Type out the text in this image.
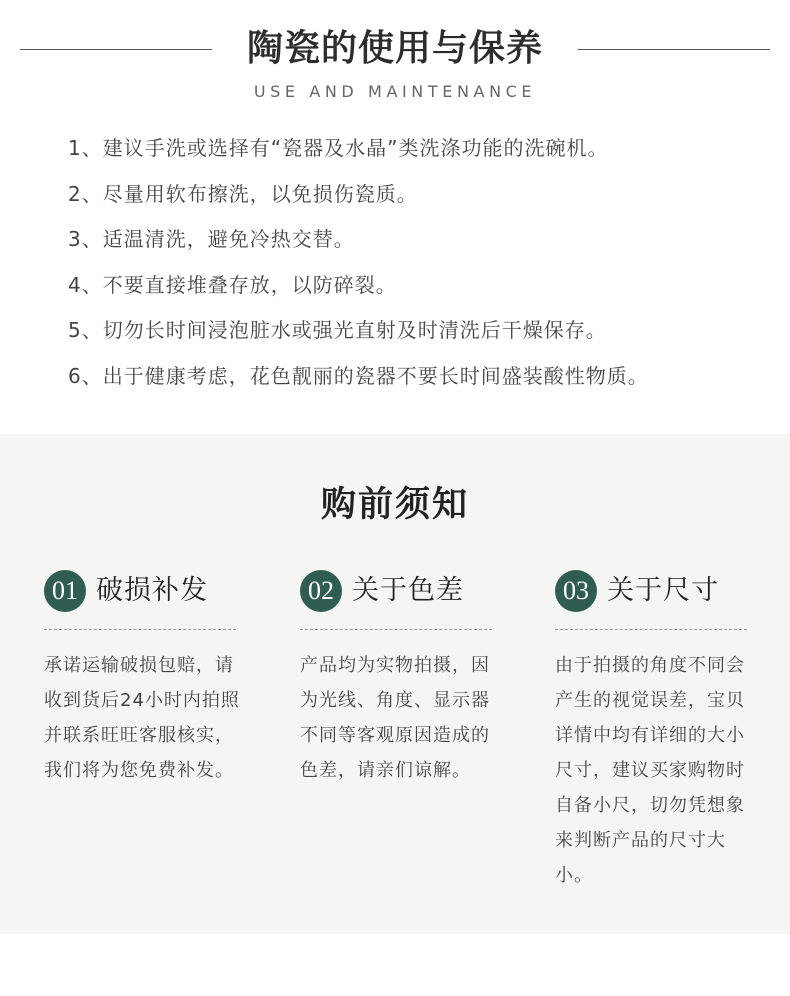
陶瓷的使用与保养
USE AND MAINTENANCE
1、建议手洗或选择有“瓷器及水晶”类洗涤功能的洗碗机。
2、尽量用软布擦洗，以免损伤瓷质。
3、适温清洗，避免冷热交替。
4、不要直接堆叠存放，以防碎裂。
5、切勿长时间浸泡脏水或强光直射及时清洗后干燥保存。
6、出于健康考虑，花色靓丽的瓷器不要长时间盛装酸性物质。
购前须知
01 破损补发

承诺运输破损包赔，请收到货后24小时内拍照并联系旺旺客服核实，我们将为您免费补发。

02 关于色差

产品均为实物拍摄，因为光线、角度、显示器不同等客观原因造成的色差，请亲们谅解。

03 关于尺寸

由于拍摄的角度不同会产生的视觉误差，宝贝详情中均有详细的大小尺寸，建议买家购物时自备小尺，切勿凭想象来判断产品的尺寸大小。
